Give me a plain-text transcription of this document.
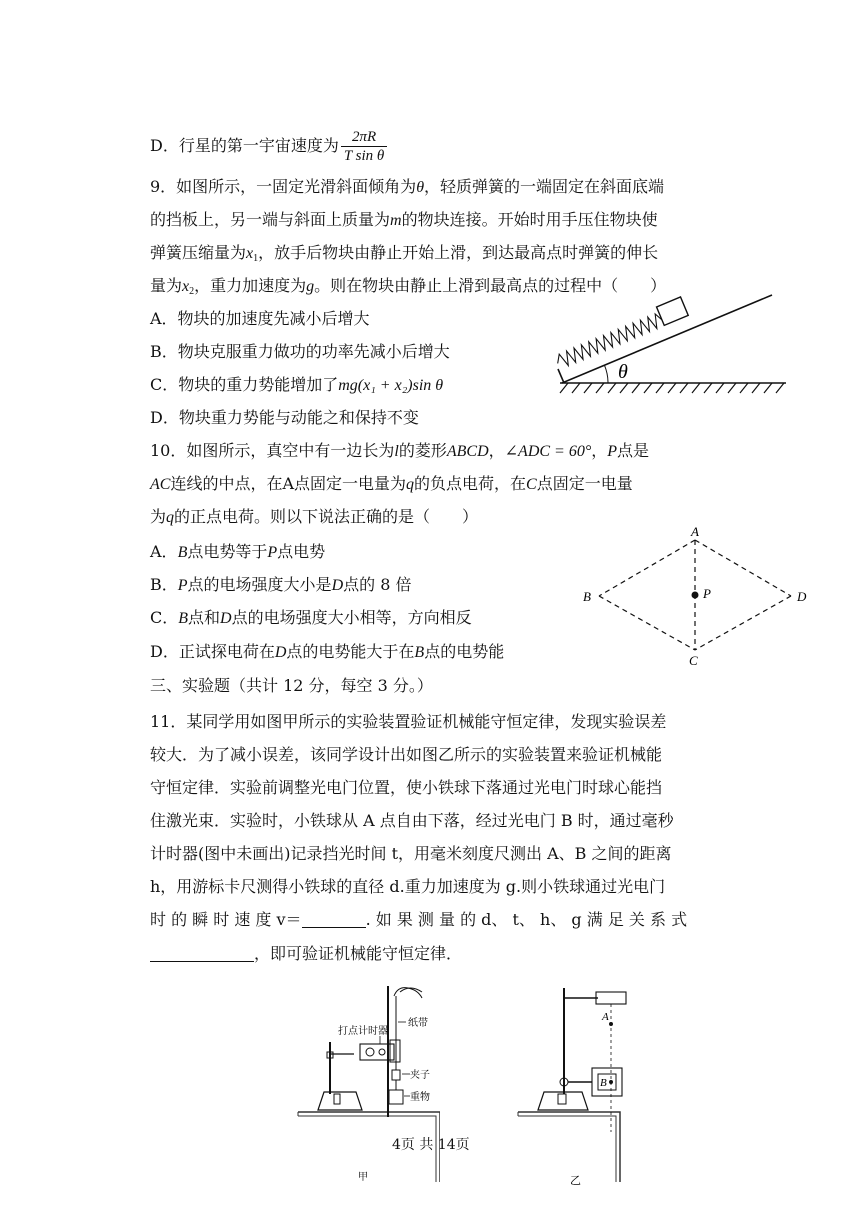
D．行星的第一宇宙速度为 $\frac{2\pi R}{\text{T sin θ}}$
9．如图所示，一固定光滑斜面倾角为θ，轻质弹簧的一端固定在斜面底端
的挡板上，另一端与斜面上质量为m的物块连接。开始时用手压住物块使
弹簧压缩量为$x_1$，放手后物块由静止开始上滑，到达最高点时弹簧的伸长
量为$x_2$，重力加速度为g。则在物块由静止上滑到最高点的过程中（　　）
A．物块的加速度先减小后增大
B．物块克服重力做功的功率先减小后增大
C．物块的重力势能增加了mg(x₁ + x₂)sin θ
D．物块重力势能与动能之和保持不变
θ
10．如图所示，真空中有一边长为l的菱形ABCD，∠ADC = 60°，P点是
AC连线的中点，在A点固定一电量为q的负点电荷，在C点固定一电量
为q的正点电荷。则以下说法正确的是（　　）
A．B点电势等于P点电势
B．P点的电场强度大小是D点的 8 倍
C．B点和D点的电场强度大小相等，方向相反
D．正试探电荷在D点的电势能大于在B点的电势能
A
B
C
D
P
三、实验题（共计 12 分，每空 3 分。）
11．某同学用如图甲所示的实验装置验证机械能守恒定律，发现实验误差
较大．为了减小误差，该同学设计出如图乙所示的实验装置来验证机械能
守恒定律．实验前调整光电门位置，使小铁球下落通过光电门时球心能挡
住激光束．实验时，小铁球从 A 点自由下落，经过光电门 B 时，通过毫秒
计时器(图中未画出)记录挡光时间 t，用毫米刻度尺测出 A、B 之间的距离
h，用游标卡尺测得小铁球的直径 d.重力加速度为 g.则小铁球通过光电门
时 的 瞬 时 速 度 v＝	. 如 果 测 量 的 d、 t、 h、 g 满 足 关 系 式
，即可验证机械能守恒定律．
纸带
打点计时器
夹子
重物
甲
A
B
乙
4页 共 14页
